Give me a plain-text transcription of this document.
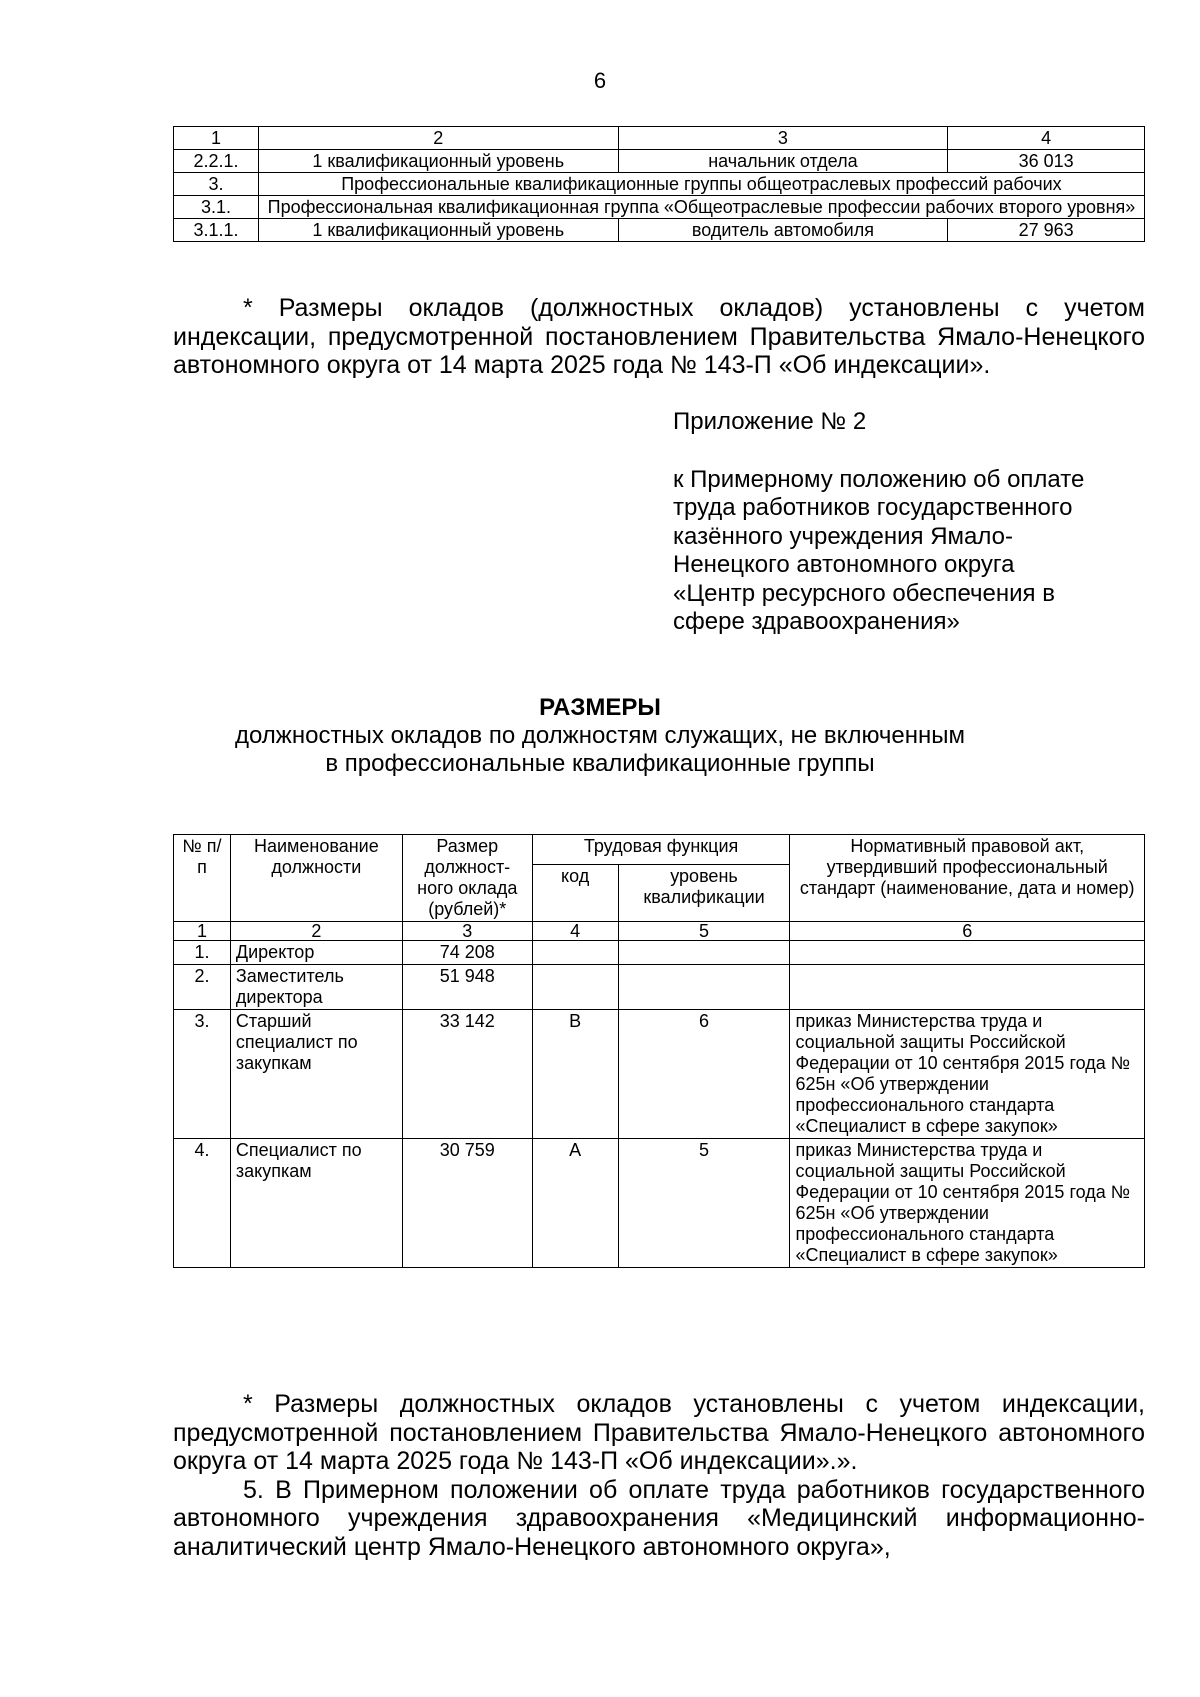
6
1	2	3	4
2.2.1.	1 квалификационный уровень	начальник отдела	36 013
3.	Профессиональные квалификационные группы общеотраслевых профессий рабочих		
3.1.	Профессиональная квалификационная группа «Общеотраслевые профессии рабочих второго уровня»		
3.1.1.	1 квалификационный уровень	водитель автомобиля	27 963

* Размеры окладов (должностных окладов) установлены с учетом индексации, предусмотренной постановлением Правительства Ямало-Ненецкого автономного округа от 14 марта 2025 года № 143-П «Об индексации».

Приложение № 2

к Примерному положению об оплате

труда работников государственного

казённого учреждения Ямало-

Ненецкого автономного округа

«Центр ресурсного обеспечения в

сфере здравоохранения»

РАЗМЕРЫ
должностных окладов по должностям служащих, не включенным
в профессиональные квалификационные группы
№ п/п	Наименование должности	Размер должност-ного оклада (рублей)*	Трудовая функция		Нормативный правовой акт, утвердивший профессиональный стандарт (наименование, дата и номер)
			код	уровень квалификации	
1	2	3	4	5	6
1.	Директор	74 208			
2.	Заместитель директора	51 948			
3.	Старший специалист по закупкам	33 142	В	6	приказ Министерства труда и социальной защиты Российской Федерации от 10 сентября 2015 года № 625н «Об утверждении профессионального стандарта «Специалист в сфере закупок»
4.	Специалист по закупкам	30 759	А	5	приказ Министерства труда и социальной защиты Российской Федерации от 10 сентября 2015 года № 625н «Об утверждении профессионального стандарта «Специалист в сфере закупок»

* Размеры должностных окладов установлены с учетом индексации, предусмотренной постановлением Правительства Ямало-Ненецкого автономного округа от 14 марта 2025 года № 143-П «Об индексации».».

5. В Примерном положении об оплате труда работников государственного автономного учреждения здравоохранения «Медицинский информационно-аналитический центр Ямало-Ненецкого автономного округа»,
